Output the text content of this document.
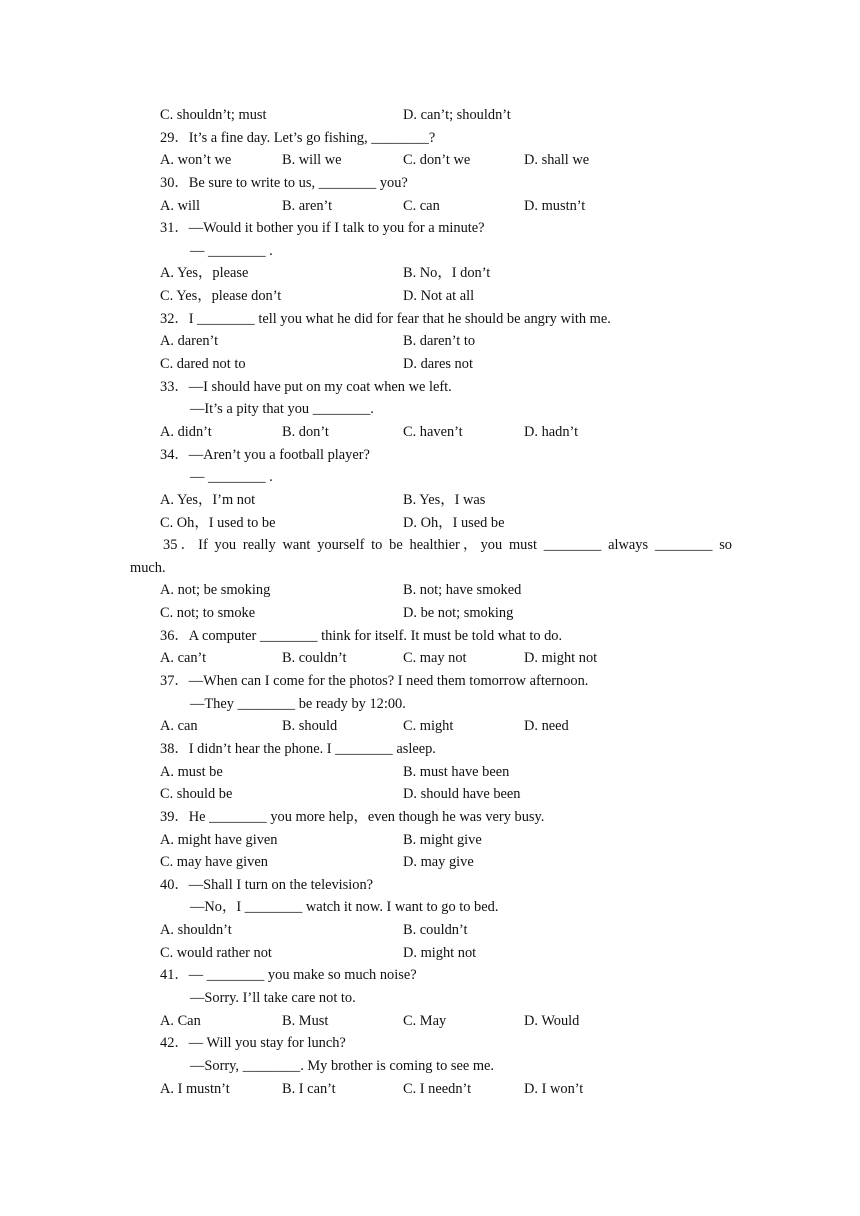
C. shouldn’t; must	D. can’t; shouldn’t
29．It’s a fine day. Let’s go fishing, ________?
A. won’t we	B. will we	C. don’t we	D. shall we
30．Be sure to write to us, ________ you?
A. will	B. aren’t	C. can	D. mustn’t
31．—Would it bother you if I talk to you for a minute?
— ________ .
A. Yes，please	B. No，I don’t
C. Yes，please don’t	D. Not at all
32．I ________ tell you what he did for fear that he should be angry with me.
A. daren’t	B. daren’t to
C. dared not to	D. dares not
33．—I should have put on my coat when we left.
—It’s a pity that you ________.
A. didn’t	B. don’t	C. haven’t	D. hadn’t
34．—Aren’t you a football player?
— ________ .
A. Yes，I’m not	B. Yes，I was
C. Oh，I used to be	D. Oh，I used be
35．If you really want yourself to be healthier，you must ________ always ________ so
much.
A. not; be smoking	B. not; have smoked
C. not; to smoke	D. be not; smoking
36．A computer ________ think for itself. It must be told what to do.
A. can’t	B. couldn’t	C. may not	D. might not
37．—When can I come for the photos? I need them tomorrow afternoon.
—They ________ be ready by 12:00.
A. can	B. should	C. might	D. need
38．I didn’t hear the phone. I ________ asleep.
A. must be	B. must have been
C. should be	D. should have been
39．He ________ you more help，even though he was very busy.
A. might have given	B. might give
C. may have given	D. may give
40．—Shall I turn on the television?
—No，I ________ watch it now. I want to go to bed.
A. shouldn’t	B. couldn’t
C. would rather not	D. might not
41．— ________ you make so much noise?
—Sorry. I’ll take care not to.
A. Can	B. Must	C. May	D. Would
42．— Will you stay for lunch?
—Sorry, ________. My brother is coming to see me.
A. I mustn’t	B. I can’t	C. I needn’t	D. I won’t
